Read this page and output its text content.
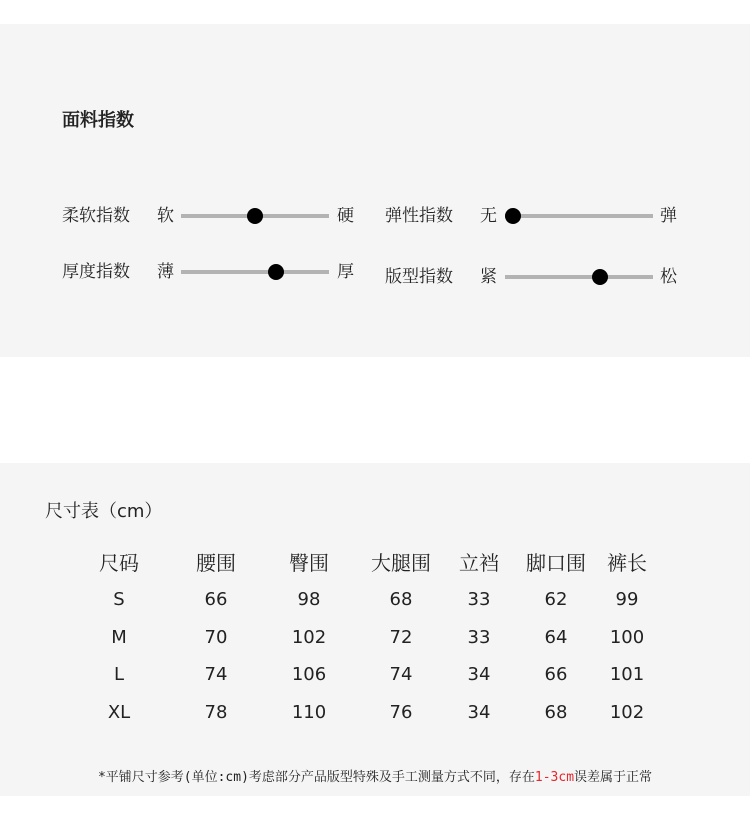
面料指数
柔软指数 软	硬 弹性指数 无	弹
厚度指数 薄	厚 版型指数 紧	松
尺寸表（cm）
尺码	腰围	臀围 大腿围 立裆 脚口围 裤长
S	66	98	68	33	62	99
M	70	102	72	33	64 100
L	74	106	74	34	66 101
XL	78	110	76	34	68 102
*平铺尺寸参考(单位:cm)考虑部分产品版型特殊及手工测量方式不同，存在1-3cm误差属于正常
